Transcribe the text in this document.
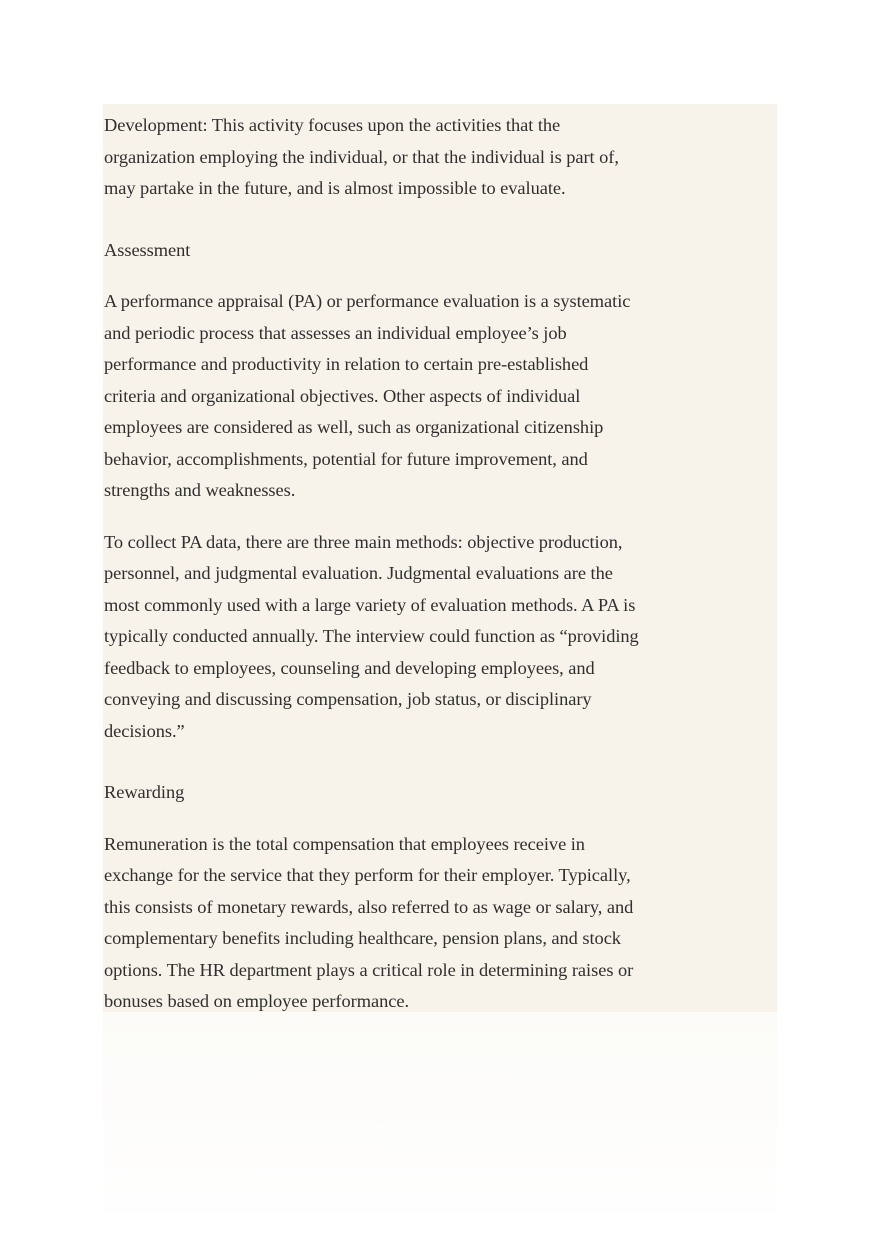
Development: This activity focuses upon the activities that the organization employing the individual, or that the individual is part of, may partake in the future, and is almost impossible to evaluate.

Assessment

A performance appraisal (PA) or performance evaluation is a systematic and periodic process that assesses an individual employee’s job performance and productivity in relation to certain pre-established criteria and organizational objectives. Other aspects of individual employees are considered as well, such as organizational citizenship behavior, accomplishments, potential for future improvement, and strengths and weaknesses.

To collect PA data, there are three main methods: objective production, personnel, and judgmental evaluation. Judgmental evaluations are the most commonly used with a large variety of evaluation methods. A PA is typically conducted annually. The interview could function as “providing feedback to employees, counseling and developing employees, and conveying and discussing compensation, job status, or disciplinary decisions.”

Rewarding

Remuneration is the total compensation that employees receive in exchange for the service that they perform for their employer. Typically, this consists of monetary rewards, also referred to as wage or salary, and complementary benefits including healthcare, pension plans, and stock options. The HR department plays a critical role in determining raises or bonuses based on employee performance.
